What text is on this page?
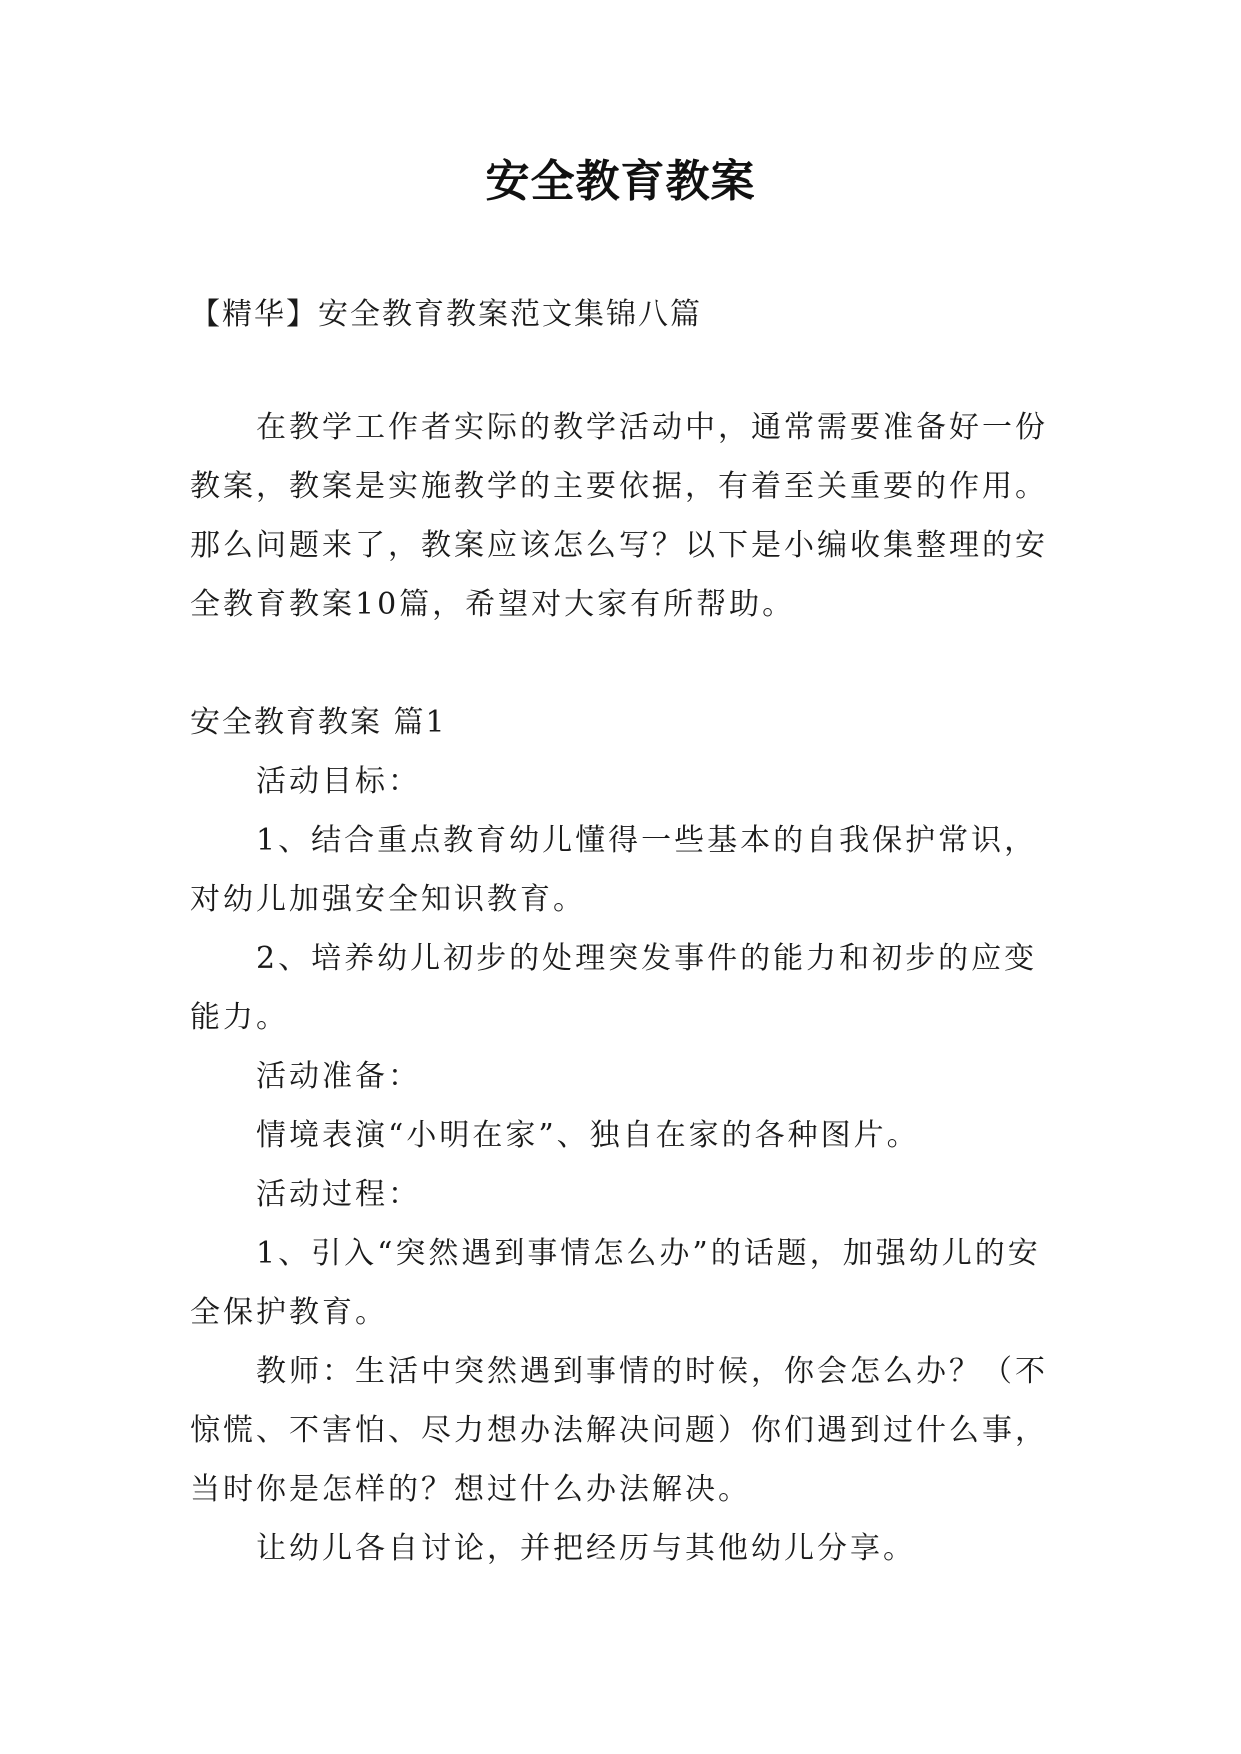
安全教育教案
【精华】安全教育教案范文集锦八篇

在教学工作者实际的教学活动中，通常需要准备好一份教案，教案是实施教学的主要依据，有着至关重要的作用。那么问题来了，教案应该怎么写？以下是小编收集整理的安全教育教案10篇，希望对大家有所帮助。

安全教育教案 篇1

活动目标：

1、结合重点教育幼儿懂得一些基本的自我保护常识，对幼儿加强安全知识教育。

2、培养幼儿初步的处理突发事件的能力和初步的应变能力。

活动准备：

情境表演“小明在家”、独自在家的各种图片。

活动过程：

1、引入“突然遇到事情怎么办”的话题，加强幼儿的安全保护教育。

教师：生活中突然遇到事情的时候，你会怎么办？（不惊慌、不害怕、尽力想办法解决问题）你们遇到过什么事，当时你是怎样的？想过什么办法解决。

让幼儿各自讨论，并把经历与其他幼儿分享。
